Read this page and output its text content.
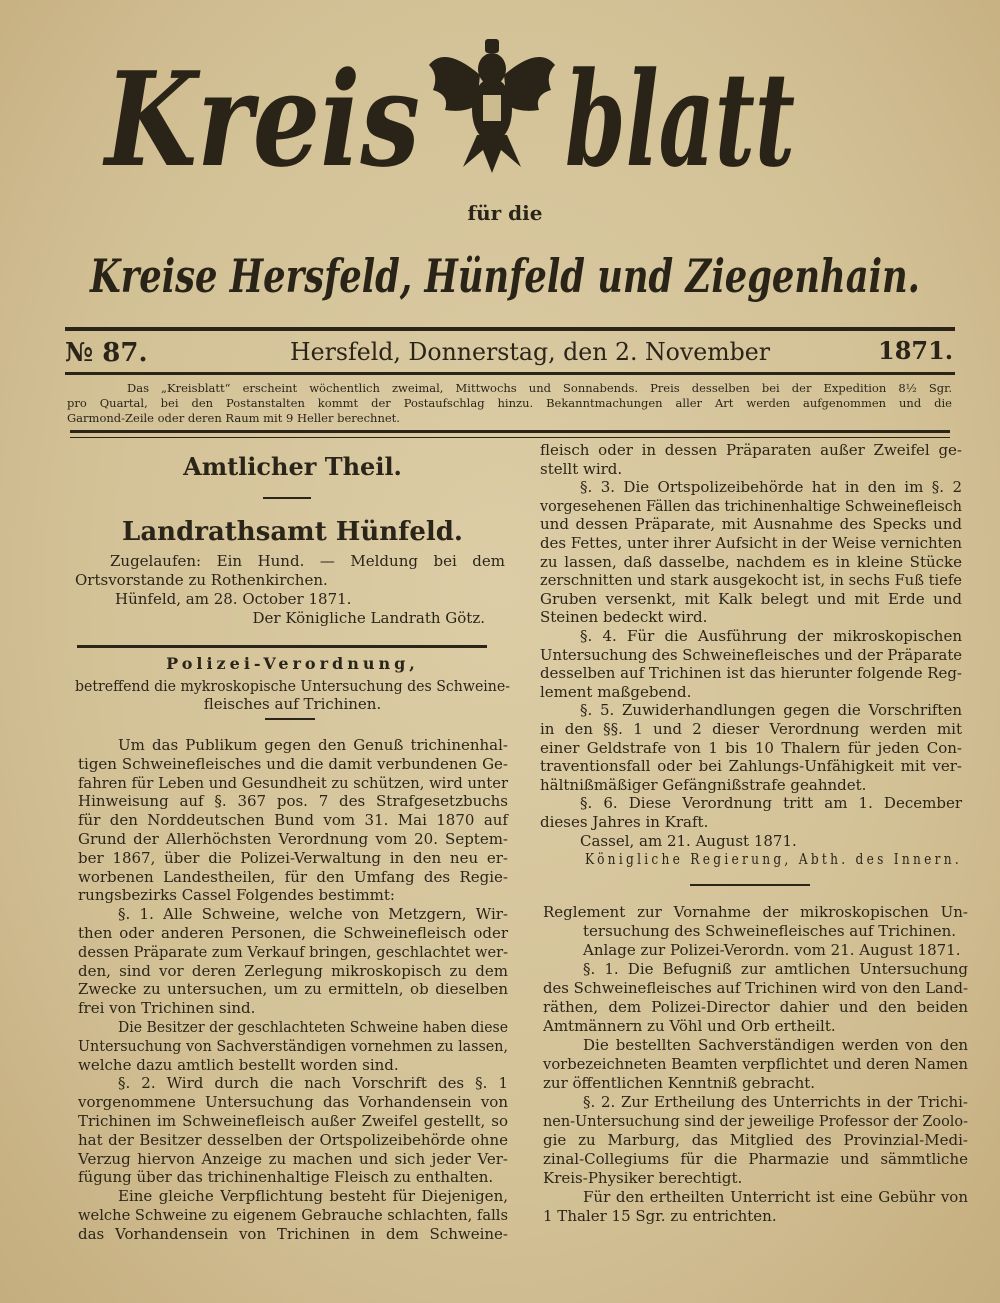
Kreis blatt
für die
Kreise Hersfeld, Hünfeld und Ziegenhain.
№ 87.	Hersfeld, Donnerstag, den 2. November	1871.
Das „Kreisblatt“ erscheint wöchentlich zweimal, Mittwochs und Sonnabends. Preis desselben bei der Expedition 8½ Sgr.
pro Quartal, bei den Postanstalten kommt der Postaufschlag hinzu. Bekanntmachungen aller Art werden aufgenommen und die
Garmond-Zeile oder deren Raum mit 9 Heller berechnet.
Amtlicher Theil.
Landrathsamt Hünfeld.
Zugelaufen: Ein Hund. — Meldung bei dem
Ortsvorstande zu Rothenkirchen.
Hünfeld, am 28. October 1871.
Der Königliche Landrath Götz.
Polizei-Verordnung,
betreffend die mykroskopische Untersuchung des Schweine-
fleisches auf Trichinen.
Um das Publikum gegen den Genuß trichinenhal-
tigen Schweinefleisches und die damit verbundenen Ge-
fahren für Leben und Gesundheit zu schützen, wird unter
Hinweisung auf §. 367 pos. 7 des Strafgesetzbuchs
für den Norddeutschen Bund vom 31. Mai 1870 auf
Grund der Allerhöchsten Verordnung vom 20. Septem-
ber 1867, über die Polizei-Verwaltung in den neu er-
worbenen Landestheilen, für den Umfang des Regie-
rungsbezirks Cassel Folgendes bestimmt:
§. 1. Alle Schweine, welche von Metzgern, Wir-
then oder anderen Personen, die Schweinefleisch oder
dessen Präparate zum Verkauf bringen, geschlachtet wer-
den, sind vor deren Zerlegung mikroskopisch zu dem
Zwecke zu untersuchen, um zu ermitteln, ob dieselben
frei von Trichinen sind.
Die Besitzer der geschlachteten Schweine haben diese
Untersuchung von Sachverständigen vornehmen zu lassen,
welche dazu amtlich bestellt worden sind.
§. 2. Wird durch die nach Vorschrift des §. 1
vorgenommene Untersuchung das Vorhandensein von
Trichinen im Schweinefleisch außer Zweifel gestellt, so
hat der Besitzer desselben der Ortspolizeibehörde ohne
Verzug hiervon Anzeige zu machen und sich jeder Ver-
fügung über das trichinenhaltige Fleisch zu enthalten.
Eine gleiche Verpflichtung besteht für Diejenigen,
welche Schweine zu eigenem Gebrauche schlachten, falls
das Vorhandensein von Trichinen in dem Schweine-
fleisch oder in dessen Präparaten außer Zweifel ge-
stellt wird.
§. 3. Die Ortspolizeibehörde hat in den im §. 2
vorgesehenen Fällen das trichinenhaltige Schweinefleisch
und dessen Präparate, mit Ausnahme des Specks und
des Fettes, unter ihrer Aufsicht in der Weise vernichten
zu lassen, daß dasselbe, nachdem es in kleine Stücke
zerschnitten und stark ausgekocht ist, in sechs Fuß tiefe
Gruben versenkt, mit Kalk belegt und mit Erde und
Steinen bedeckt wird.
§. 4. Für die Ausführung der mikroskopischen
Untersuchung des Schweinefleisches und der Präparate
desselben auf Trichinen ist das hierunter folgende Reg-
lement maßgebend.
§. 5. Zuwiderhandlungen gegen die Vorschriften
in den §§. 1 und 2 dieser Verordnung werden mit
einer Geldstrafe von 1 bis 10 Thalern für jeden Con-
traventionsfall oder bei Zahlungs-Unfähigkeit mit ver-
hältnißmäßiger Gefängnißstrafe geahndet.
§. 6. Diese Verordnung tritt am 1. December
dieses Jahres in Kraft.
Cassel, am 21. August 1871.
Königliche Regierung, Abth. des Innern.
Reglement zur Vornahme der mikroskopischen Un-
tersuchung des Schweinefleisches auf Trichinen.
Anlage zur Polizei-Verordn. vom 21. August 1871.
§. 1. Die Befugniß zur amtlichen Untersuchung
des Schweinefleisches auf Trichinen wird von den Land-
räthen, dem Polizei-Director dahier und den beiden
Amtmännern zu Vöhl und Orb ertheilt.
Die bestellten Sachverständigen werden von den
vorbezeichneten Beamten verpflichtet und deren Namen
zur öffentlichen Kenntniß gebracht.
§. 2. Zur Ertheilung des Unterrichts in der Trichi-
nen-Untersuchung sind der jeweilige Professor der Zoolo-
gie zu Marburg, das Mitglied des Provinzial-Medi-
zinal-Collegiums für die Pharmazie und sämmtliche
Kreis-Physiker berechtigt.
Für den ertheilten Unterricht ist eine Gebühr von
1 Thaler 15 Sgr. zu entrichten.
